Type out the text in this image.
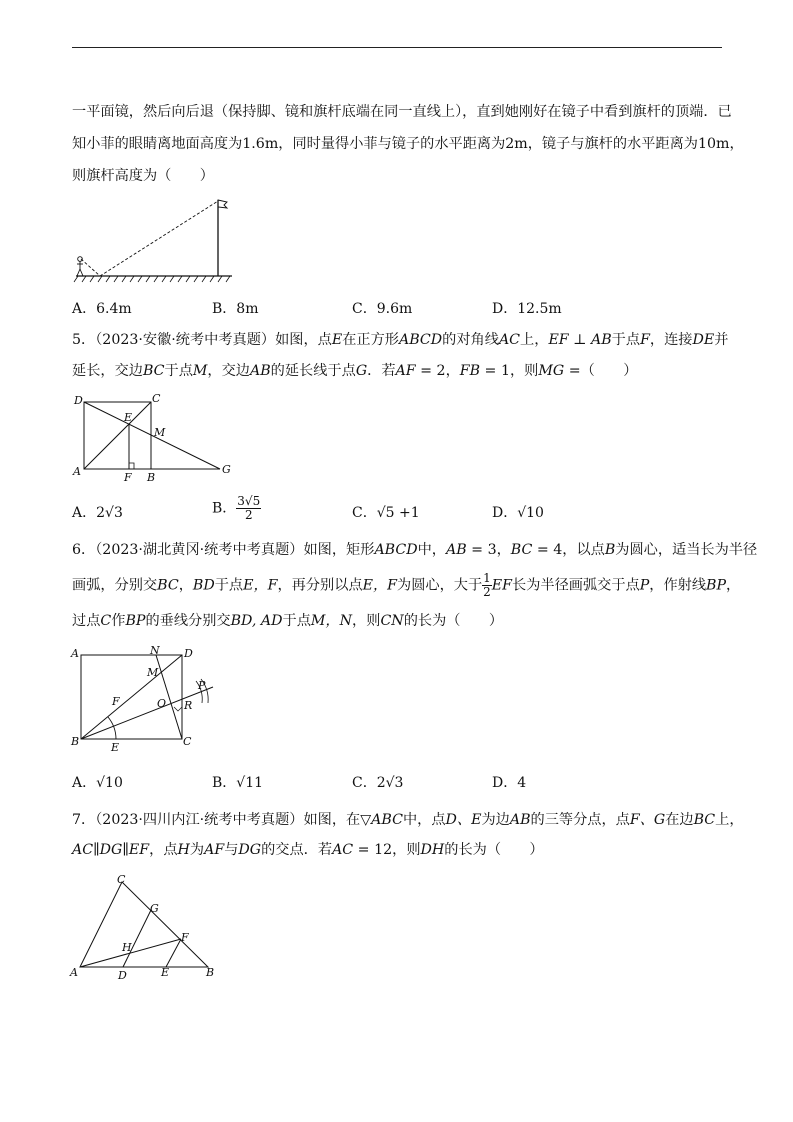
一平面镜，然后向后退（保持脚、镜和旗杆底端在同一直线上），直到她刚好在镜子中看到旗杆的顶端．已
知小菲的眼睛离地面高度为1.6m，同时量得小菲与镜子的水平距离为2m，镜子与旗杆的水平距离为10m，
则旗杆高度为（　　）
A．6.4m	B．8m	C．9.6m	D．12.5m
5．（2023·安徽·统考中考真题）如图，点E在正方形ABCD的对角线AC上，EF ⊥ AB于点F，连接DE并
延长，交边BC于点M，交边AB的延长线于点G．若AF = 2，FB = 1，则MG =（　　）
D	C
E
M
A	F B
G
A．2√3	B． $\frac{3√5}{2}$	C．√5 +1	D．√10
6．（2023·湖北黄冈·统考中考真题）如图，矩形ABCD中，AB = 3，BC = 4，以点B为圆心，适当长为半径
画弧，分别交BC，BD于点E，F，再分别以点E，F为圆心，大于 $\frac{1}{2}$ EF长为半径画弧交于点P，作射线BP，
过点C作BP的垂线分别交BD, AD于点M，N，则CN的长为（　　）
A	N D
M
P
F	O R
B	E	C
A．√10	B．√11	C．2√3	D．4
7．（2023·四川内江·统考中考真题）如图，在▽ABC中，点D、E为边AB的三等分点，点F、G在边BC上，
AC∥DG∥EF，点H为AF与DG的交点．若AC = 12，则DH的长为（　　）
C
G
F
H
A	D	E	B
